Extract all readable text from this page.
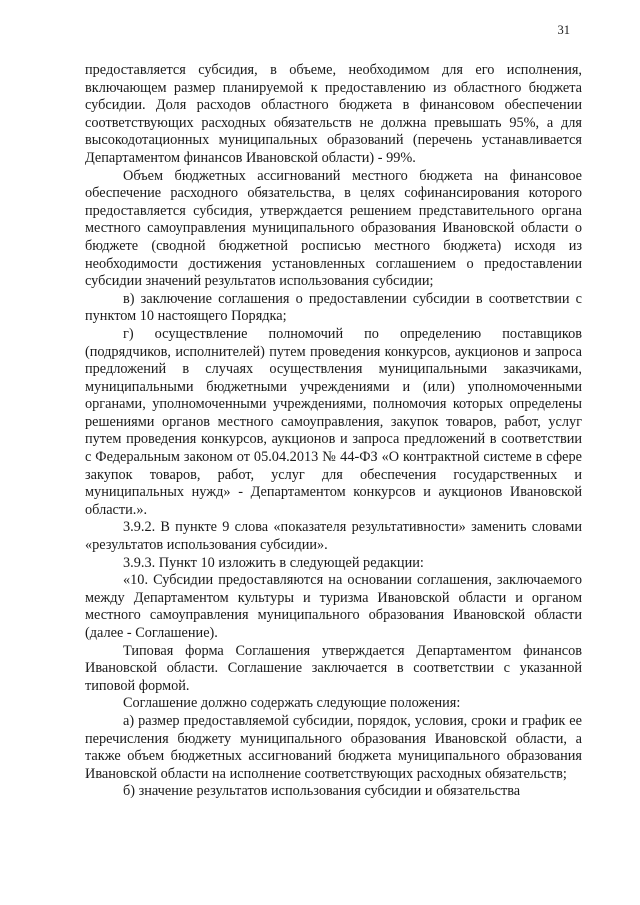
31

предоставляется субсидия, в объеме, необходимом для его исполнения, включающем размер планируемой к предоставлению из областного бюджета субсидии. Доля расходов областного бюджета в финансовом обеспечении соответствующих расходных обязательств не должна превышать 95%, а для высокодотационных муниципальных образований (перечень устанавливается Департаментом финансов Ивановской области) - 99%.

Объем бюджетных ассигнований местного бюджета на финансовое обеспечение расходного обязательства, в целях софинансирования которого предоставляется субсидия, утверждается решением представительного органа местного самоуправления муниципального образования Ивановской области о бюджете (сводной бюджетной росписью местного бюджета) исходя из необходимости достижения установленных соглашением о предоставлении субсидии значений результатов использования субсидии;

в) заключение соглашения о предоставлении субсидии в соответствии с пунктом 10 настоящего Порядка;

г) осуществление полномочий по определению поставщиков (подрядчиков, исполнителей) путем проведения конкурсов, аукционов и запроса предложений в случаях осуществления муниципальными заказчиками, муниципальными бюджетными учреждениями и (или) уполномоченными органами, уполномоченными учреждениями, полномочия которых определены решениями органов местного самоуправления, закупок товаров, работ, услуг путем проведения конкурсов, аукционов и запроса предложений в соответствии с Федеральным законом от 05.04.2013 № 44-ФЗ «О контрактной системе в сфере закупок товаров, работ, услуг для обеспечения государственных и муниципальных нужд» - Департаментом конкурсов и аукционов Ивановской области.».

3.9.2. В пункте 9 слова «показателя результативности» заменить словами «результатов использования субсидии».

3.9.3. Пункт 10 изложить в следующей редакции:

«10. Субсидии предоставляются на основании соглашения, заключаемого между Департаментом культуры и туризма Ивановской области и органом местного самоуправления муниципального образования Ивановской области (далее - Соглашение).

Типовая форма Соглашения утверждается Департаментом финансов Ивановской области. Соглашение заключается в соответствии с указанной типовой формой.

Соглашение должно содержать следующие положения:

а) размер предоставляемой субсидии, порядок, условия, сроки и график ее перечисления бюджету муниципального образования Ивановской области, а также объем бюджетных ассигнований бюджета муниципального образования Ивановской области на исполнение соответствующих расходных обязательств;

б) значение результатов использования субсидии и обязательства
